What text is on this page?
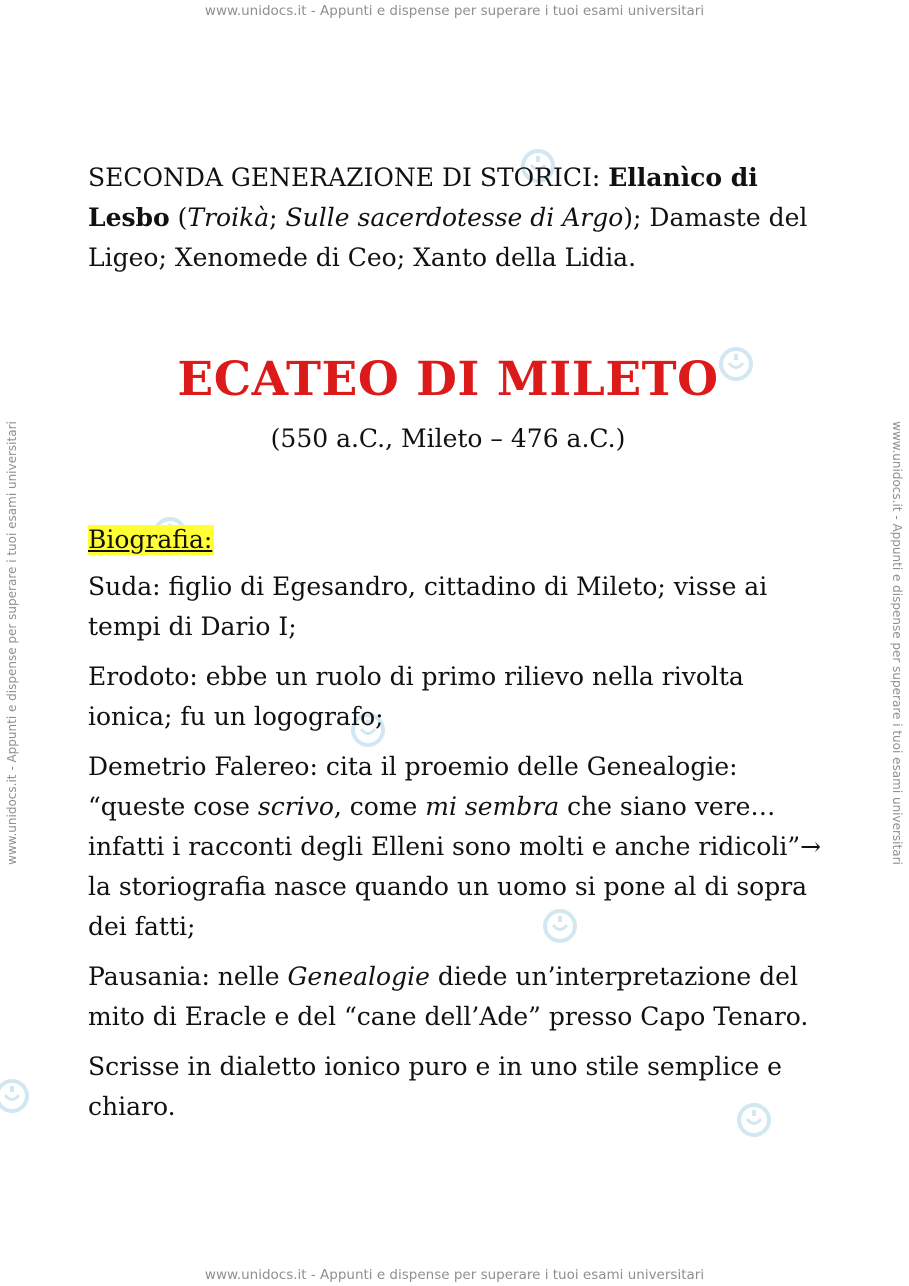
www.unidocs.it - Appunti e dispense per superare i tuoi esami universitari
www.unidocs.it - Appunti e dispense per superare i tuoi esami universitari
www.unidocs.it - Appunti e dispense per superare i tuoi esami universitari	www.unidocs.it - Appunti e dispense per superare i tuoi esami universitari

SECONDA GENERAZIONE DI STORICI: Ellanìco di Lesbo (Troikà; Sulle sacerdotesse di Argo); Damaste del Ligeo; Xenomede di Ceo; Xanto della Lidia.

ECATEO DI MILETO

(550 a.C., Mileto – 476 a.C.)

Biografia:

Suda: figlio di Egesandro, cittadino di Mileto; visse ai tempi di Dario I;

Erodoto: ebbe un ruolo di primo rilievo nella rivolta ionica; fu un logografo;

Demetrio Falereo: cita il proemio delle Genealogie: “queste cose scrivo, come mi sembra che siano vere…infatti i racconti degli Elleni sono molti e anche ridicoli”→ la storiografia nasce quando un uomo si pone al di sopra dei fatti;

Pausania: nelle Genealogie diede un’interpretazione del mito di Eracle e del “cane dell’Ade” presso Capo Tenaro.

Scrisse in dialetto ionico puro e in uno stile semplice e chiaro.
